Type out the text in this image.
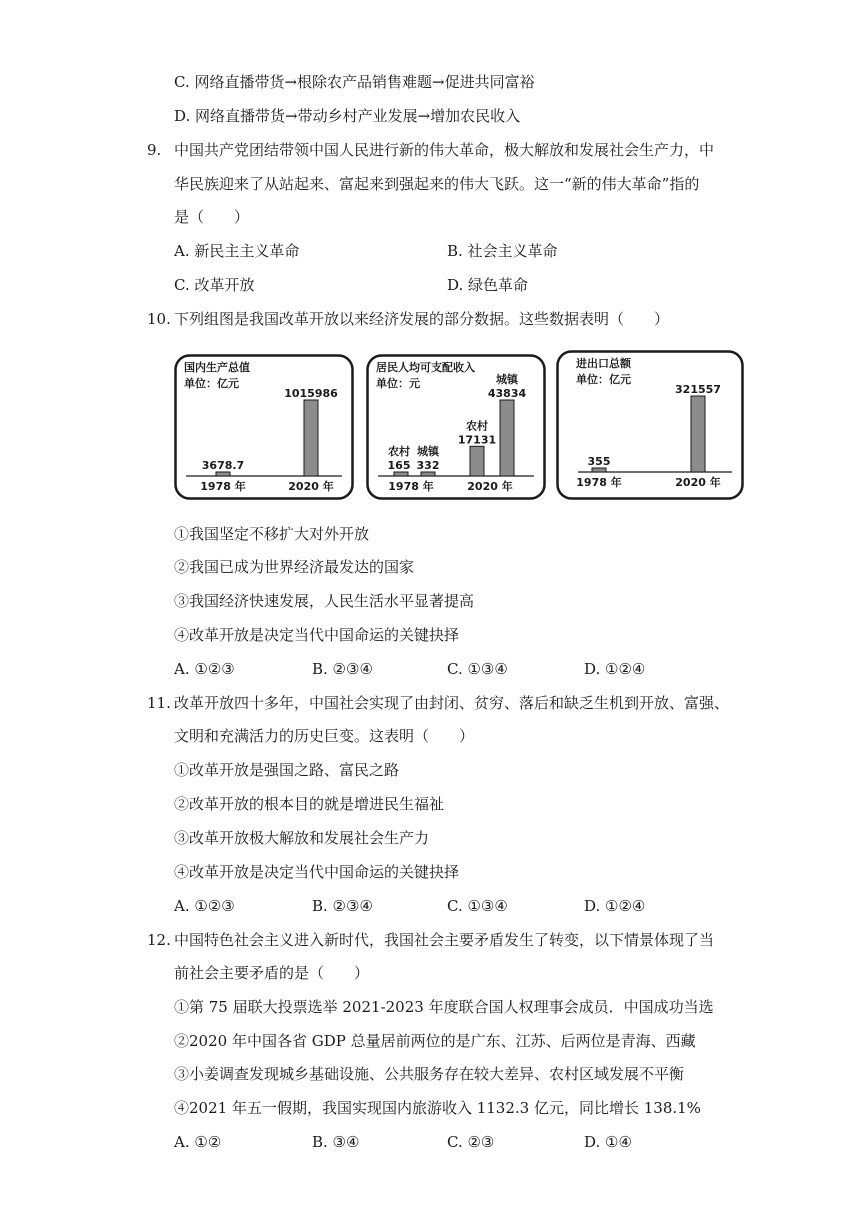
C. 网络直播带货→根除农产品销售难题→促进共同富裕
D. 网络直播带货→带动乡村产业发展→增加农民收入
9. 中国共产党团结带领中国人民进行新的伟大革命，极大解放和发展社会生产力，中
华民族迎来了从站起来、富起来到强起来的伟大飞跃。这一“新的伟大革命”指的
是（　　）
A. 新民主主义革命	B. 社会主义革命
C. 改革开放	D. 绿色革命
10. 下列组图是我国改革开放以来经济发展的部分数据。这些数据表明（　　）
国内生产总值
单位：亿元
3678.7
1015986
1978 年	2020 年
居民人均可支配收入
单位：元
165 332
17131
43834
农村 城镇
农村
城镇
1978 年	2020 年
进出口总额
单位：亿元
355
321557
1978 年	2020 年
①我国坚定不移扩大对外开放
②我国已成为世界经济最发达的国家
③我国经济快速发展，人民生活水平显著提高
④改革开放是决定当代中国命运的关键抉择
A. ①②③	B. ②③④	C. ①③④	D. ①②④
11. 改革开放四十多年，中国社会实现了由封闭、贫穷、落后和缺乏生机到开放、富强、
文明和充满活力的历史巨变。这表明（　　）
①改革开放是强国之路、富民之路
②改革开放的根本目的就是增进民生福祉
③改革开放极大解放和发展社会生产力
④改革开放是决定当代中国命运的关键抉择
A. ①②③	B. ②③④	C. ①③④	D. ①②④
12. 中国特色社会主义进入新时代，我国社会主要矛盾发生了转变，以下情景体现了当
前社会主要矛盾的是（　　）
①第 75 届联大投票选举 2021-2023 年度联合国人权理事会成员．中国成功当选
②2020 年中国各省 GDP 总量居前两位的是广东、江苏、后两位是青海、西藏
③小姜调查发现城乡基础设施、公共服务存在较大差异、农村区域发展不平衡
④2021 年五一假期，我国实现国内旅游收入 1132.3 亿元，同比增长 138.1%
A. ①②	B. ③④	C. ②③	D. ①④
